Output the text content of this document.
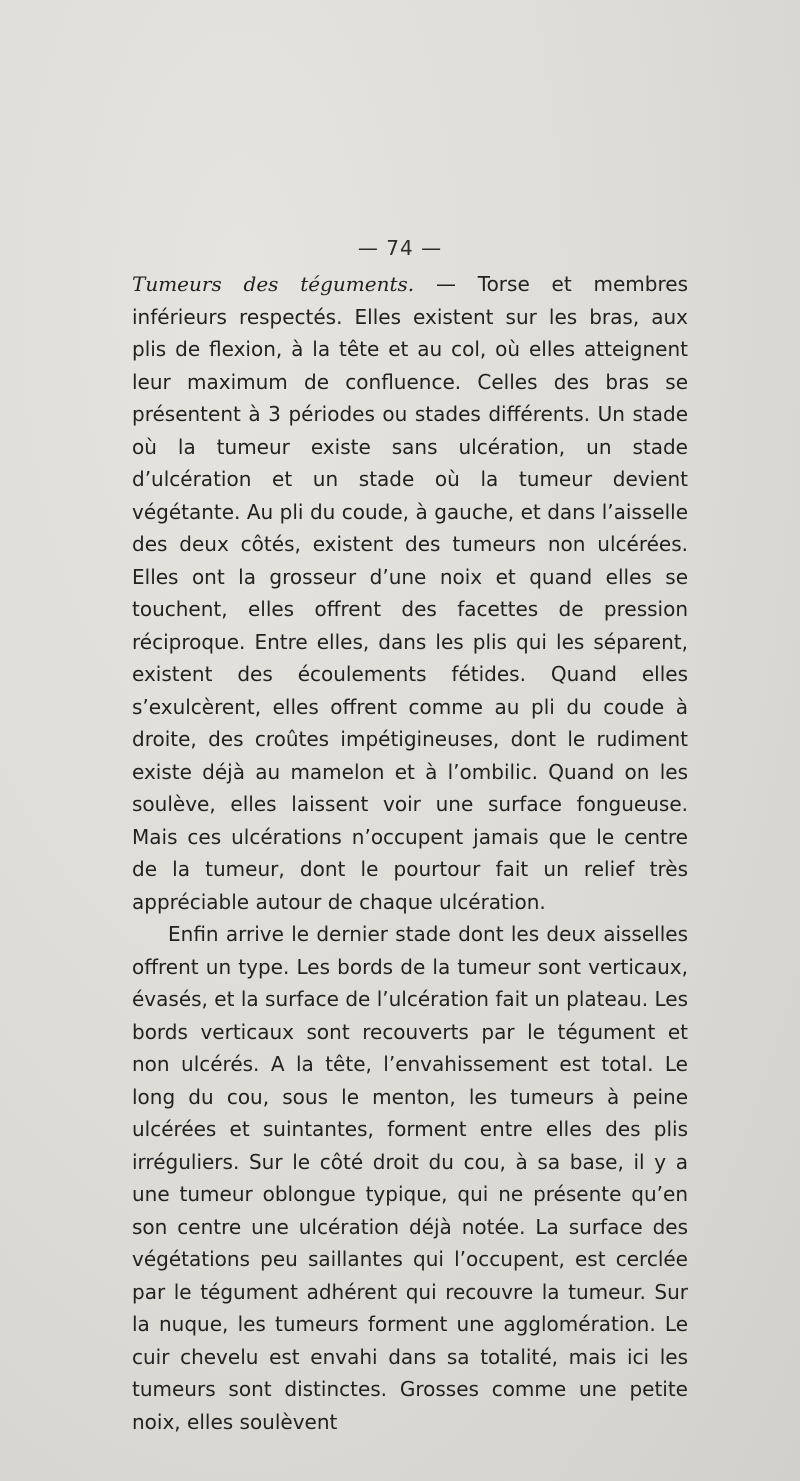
— 74 —

Tumeurs des téguments. — Torse et membres inférieurs respectés. Elles existent sur les bras, aux plis de flexion, à la tête et au col, où elles atteignent leur maximum de confluence. Celles des bras se présentent à 3 périodes ou stades différents. Un stade où la tumeur existe sans ulcération, un stade d’ulcération et un stade où la tumeur devient végétante. Au pli du coude, à gauche, et dans l’aisselle des deux côtés, existent des tumeurs non ulcérées. Elles ont la grosseur d’une noix et quand elles se touchent, elles offrent des facettes de pression réciproque. Entre elles, dans les plis qui les séparent, existent des écoulements fétides. Quand elles s’exulcèrent, elles offrent comme au pli du coude à droite, des croûtes impétigineuses, dont le rudiment existe déjà au mamelon et à l’ombilic. Quand on les soulève, elles laissent voir une surface fongueuse. Mais ces ulcérations n’occupent jamais que le centre de la tumeur, dont le pourtour fait un relief très appréciable autour de chaque ulcération.

Enfin arrive le dernier stade dont les deux aisselles offrent un type. Les bords de la tumeur sont verticaux, évasés, et la surface de l’ulcération fait un plateau. Les bords verticaux sont recouverts par le tégument et non ulcérés. A la tête, l’envahissement est total. Le long du cou, sous le menton, les tumeurs à peine ulcérées et suintantes, forment entre elles des plis irréguliers. Sur le côté droit du cou, à sa base, il y a une tumeur oblongue typique, qui ne présente qu’en son centre une ulcération déjà notée. La surface des végétations peu saillantes qui l’occupent, est cerclée par le tégument adhérent qui recouvre la tumeur. Sur la nuque, les tumeurs forment une agglomération. Le cuir chevelu est envahi dans sa totalité, mais ici les tumeurs sont distinctes. Grosses comme une petite noix, elles soulèvent
